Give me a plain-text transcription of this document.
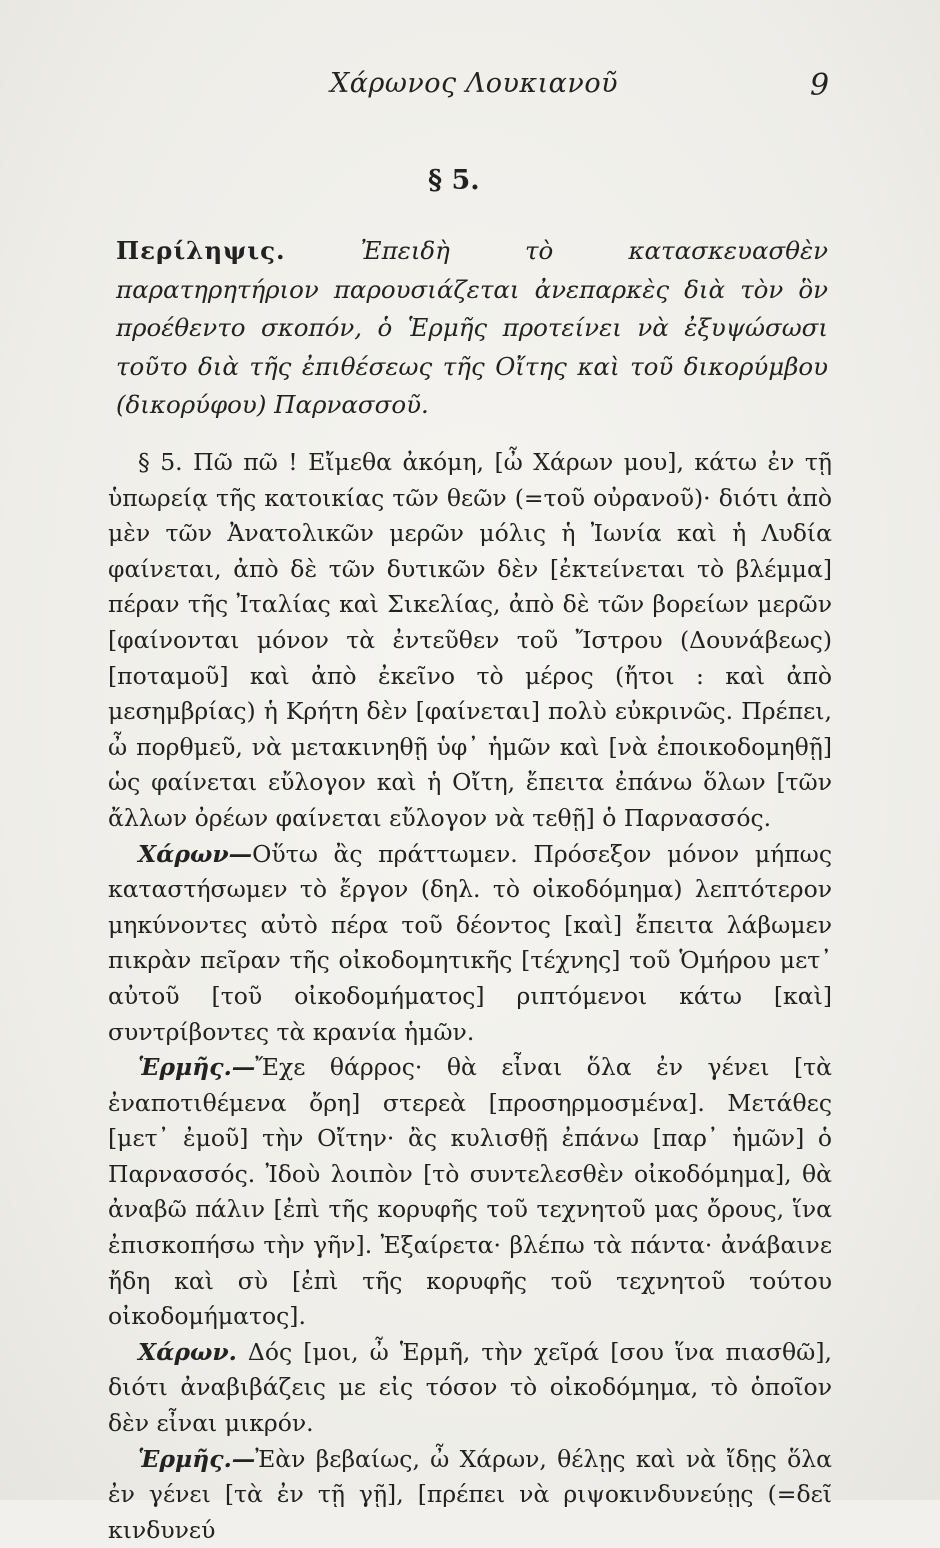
Χάρωνος Λουκιανοῦ	9
§ 5.
Περίληψις. Ἐπειδὴ τὸ κατασκευασθὲν παρατηρητήριον παρουσιάζεται ἀνεπαρκὲς διὰ τὸν ὃν προέθεντο σκοπόν, ὁ Ἑρμῆς προτείνει νὰ ἐξυψώσωσι τοῦτο διὰ τῆς ἐπιθέσεως τῆς Οἴτης καὶ τοῦ δικορύμβου (δικορύφου) Παρνασσοῦ.

§ 5. Πῶ πῶ ! Εἴμεθα ἀκόμη, [ὦ Χάρων μου], κάτω ἐν τῇ ὑπωρείᾳ τῆς κατοικίας τῶν θεῶν (=τοῦ οὐρανοῦ)· διότι ἀπὸ μὲν τῶν Ἀνατολικῶν μερῶν μόλις ἡ Ἰωνία καὶ ἡ Λυδία φαίνεται, ἀπὸ δὲ τῶν δυτικῶν δὲν [ἐκτείνεται τὸ βλέμμα] πέραν τῆς Ἰταλίας καὶ Σικελίας, ἀπὸ δὲ τῶν βορείων μερῶν [φαίνονται μόνον τὰ ἐντεῦθεν τοῦ Ἴστρου (Δουνάβεως) [ποταμοῦ] καὶ ἀπὸ ἐκεῖνο τὸ μέρος (ἤτοι : καὶ ἀπὸ μεσημβρίας) ἡ Κρήτη δὲν [φαίνεται] πολὺ εὐκρινῶς. Πρέπει, ὦ πορθμεῦ, νὰ μετακινηθῇ ὑφ᾽ ἡμῶν καὶ [νὰ ἐποικοδομηθῇ] ὡς φαίνεται εὔλογον καὶ ἡ Οἴτη, ἔπειτα ἐπάνω ὅλων [τῶν ἄλλων ὀρέων φαίνεται εὔλογον νὰ τεθῇ] ὁ Παρνασσός.

Χάρων—Οὕτω ἂς πράττωμεν. Πρόσεξον μόνον μήπως καταστήσωμεν τὸ ἔργον (δηλ. τὸ οἰκοδόμημα) λεπτότερον μηκύνοντες αὐτὸ πέρα τοῦ δέοντος [καὶ] ἔπειτα λάβωμεν πικρὰν πεῖραν τῆς οἰκοδομητικῆς [τέχνης] τοῦ Ὁμήρου μετ᾽ αὐτοῦ [τοῦ οἰκοδομήματος] ριπτόμενοι κάτω [καὶ] συντρίβοντες τὰ κρανία ἡμῶν.

Ἑρμῆς.—Ἔχε θάρρος· θὰ εἶναι ὅλα ἐν γένει [τὰ ἐναποτιθέμενα ὄρη] στερεὰ [προσηρμοσμένα]. Μετάθες [μετ᾽ ἐμοῦ] τὴν Οἴτην· ἂς κυλισθῇ ἐπάνω [παρ᾽ ἡμῶν] ὁ Παρνασσός. Ἰδοὺ λοιπὸν [τὸ συντελεσθὲν οἰκοδόμημα], θὰ ἀναβῶ πάλιν [ἐπὶ τῆς κορυφῆς τοῦ τεχνητοῦ μας ὄρους, ἵνα ἐπισκοπήσω τὴν γῆν]. Ἐξαίρετα· βλέπω τὰ πάντα· ἀνάβαινε ἤδη καὶ σὺ [ἐπὶ τῆς κορυφῆς τοῦ τεχνητοῦ τούτου οἰκοδομήματος].

Χάρων. Δός [μοι, ὦ Ἑρμῆ, τὴν χεῖρά [σου ἵνα πιασθῶ], διότι ἀναβιβάζεις με εἰς τόσον τὸ οἰκοδόμημα, τὸ ὁποῖον δὲν εἶναι μικρόν.

Ἑρμῆς.—Ἐὰν βεβαίως, ὦ Χάρων, θέλῃς καὶ νὰ ἴδῃς ὅλα ἐν γένει [τὰ ἐν τῇ γῇ], [πρέπει νὰ ριψοκινδυνεύῃς (=δεῖ κινδυνεύ
